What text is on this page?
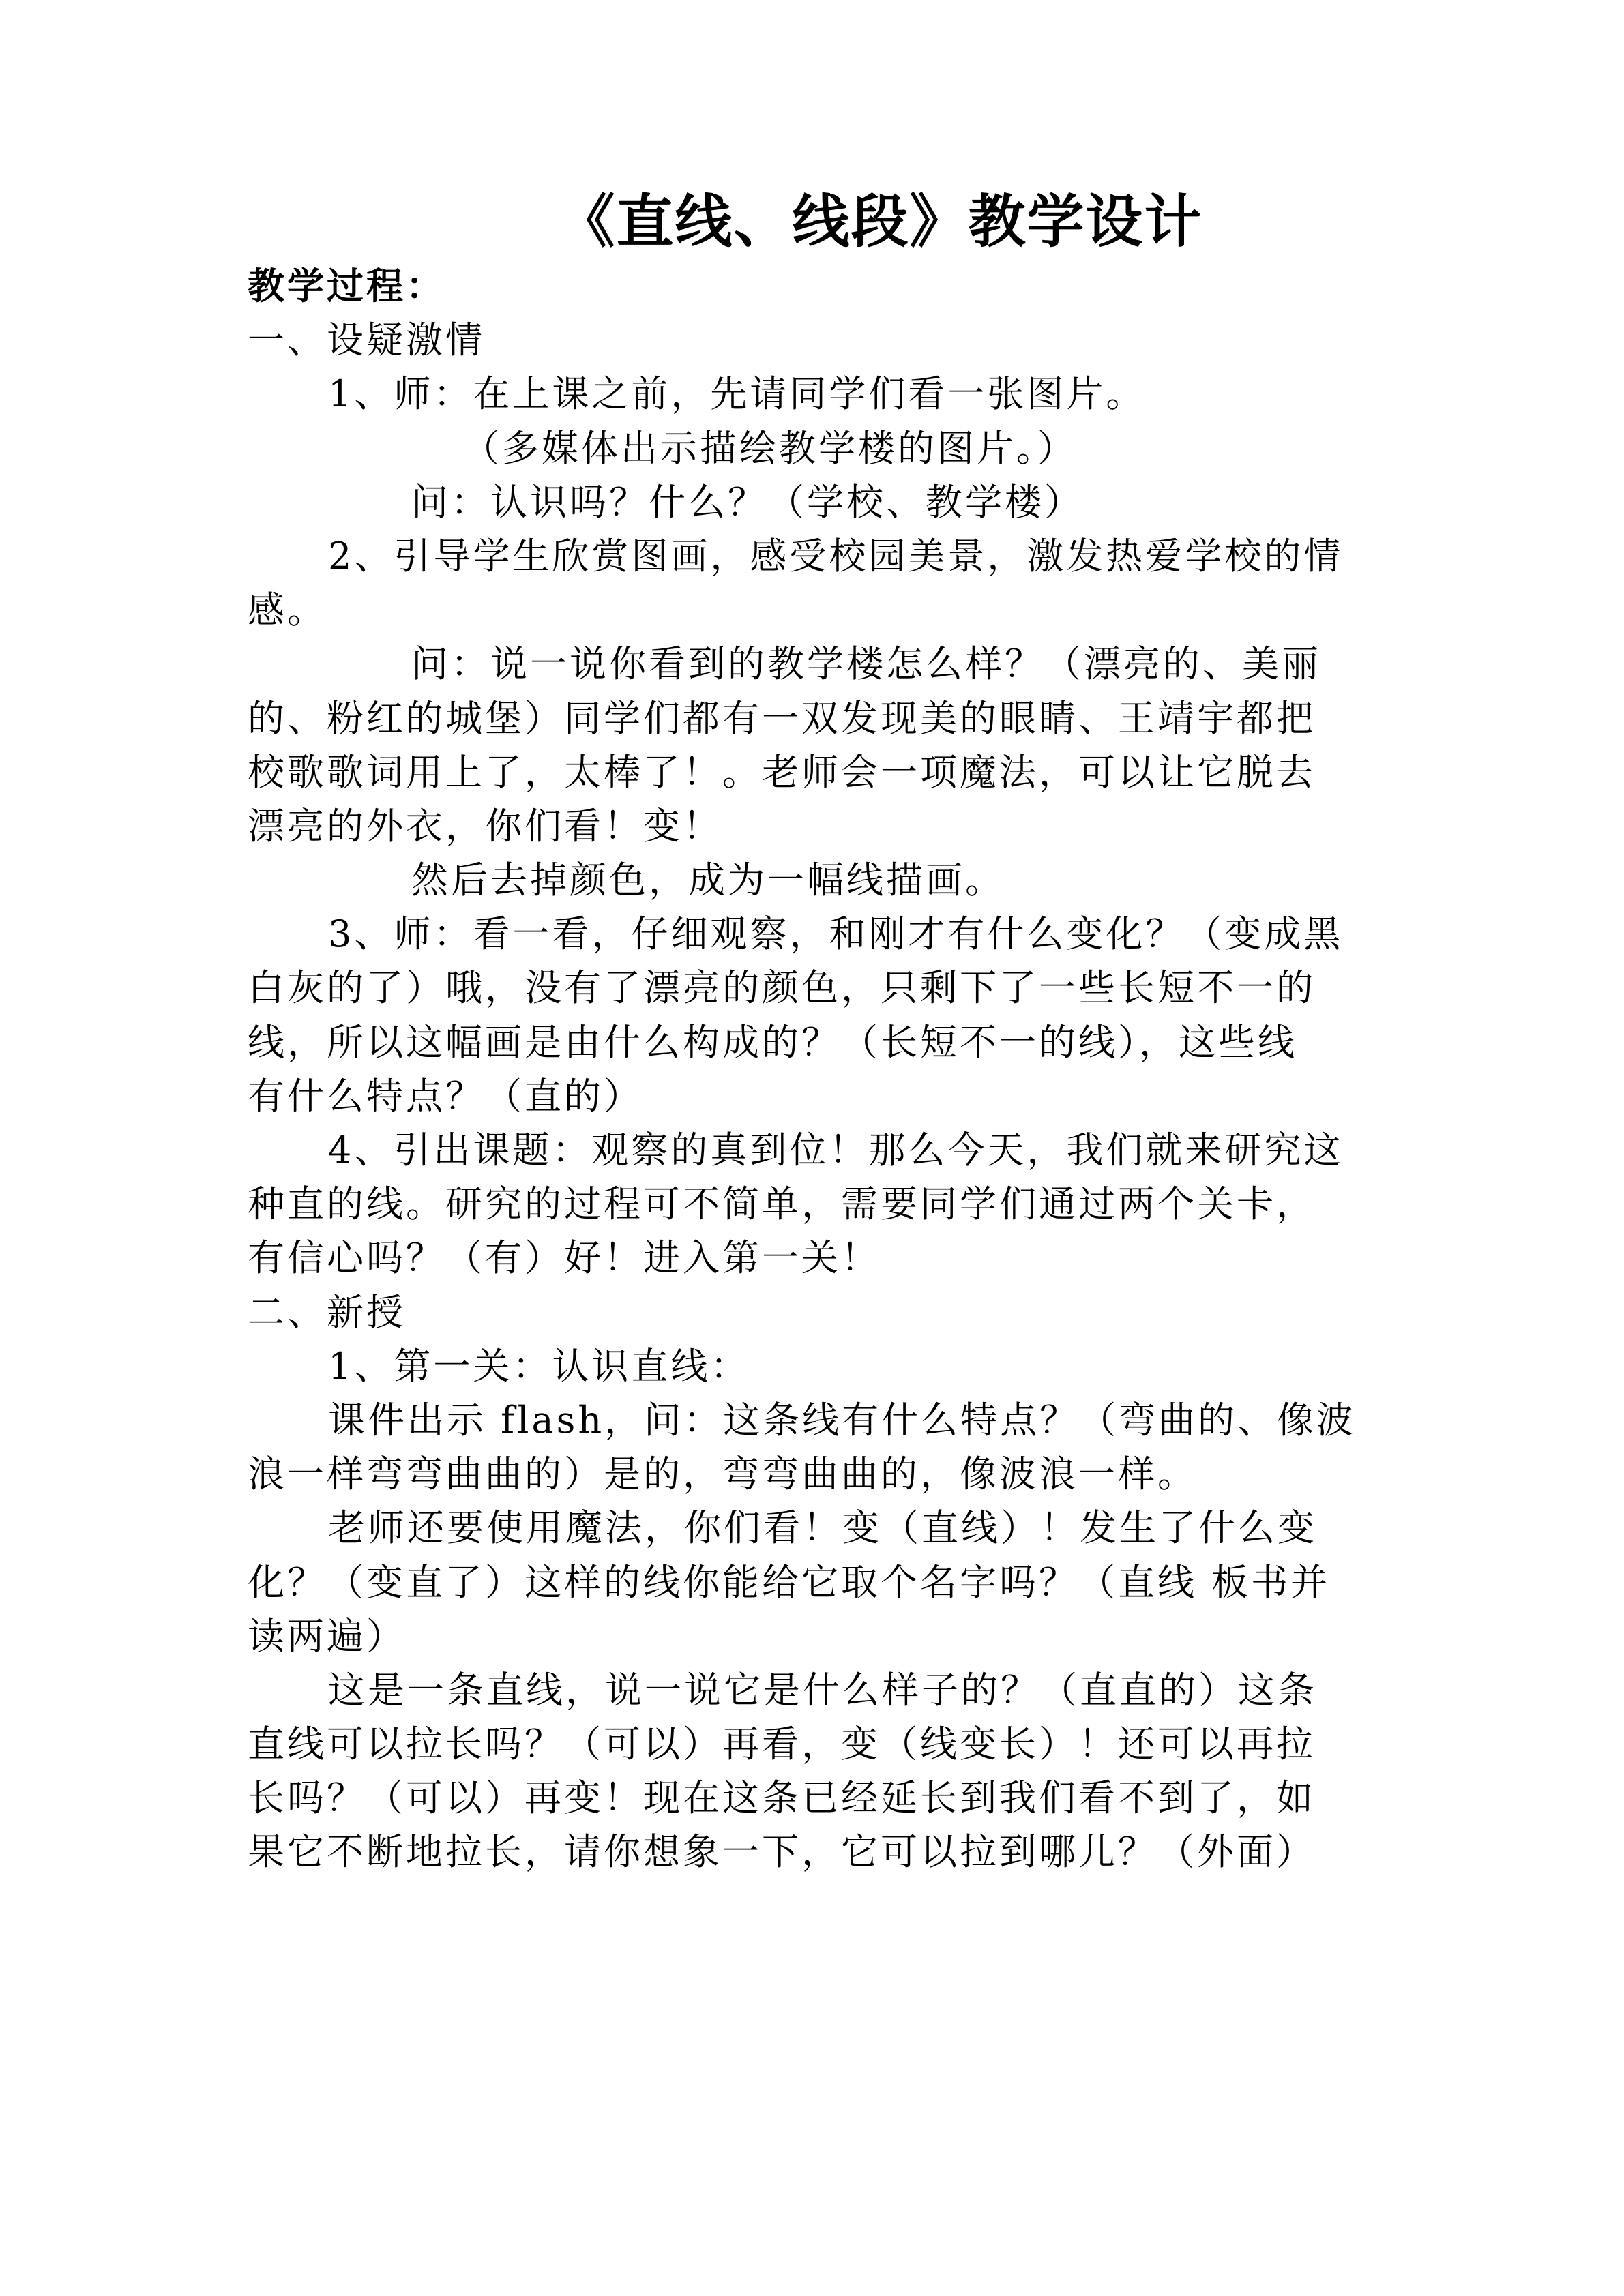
《直线、线段》教学设计
教学过程：
一、设疑激情
1、师：在上课之前，先请同学们看一张图片。
（多媒体出示描绘教学楼的图片。）
问：认识吗？什么？（学校、教学楼）
2、引导学生欣赏图画，感受校园美景，激发热爱学校的情
感。
问：说一说你看到的教学楼怎么样？（漂亮的、美丽
的、粉红的城堡）同学们都有一双发现美的眼睛、王靖宇都把
校歌歌词用上了，太棒了！。老师会一项魔法，可以让它脱去
漂亮的外衣，你们看！变！
然后去掉颜色，成为一幅线描画。
3、师：看一看，仔细观察，和刚才有什么变化？（变成黑
白灰的了）哦，没有了漂亮的颜色，只剩下了一些长短不一的
线，所以这幅画是由什么构成的？（长短不一的线），这些线
有什么特点？（直的）
4、引出课题：观察的真到位！那么今天，我们就来研究这
种直的线。研究的过程可不简单，需要同学们通过两个关卡，
有信心吗？（有）好！进入第一关！
二、新授
1、第一关：认识直线：
课件出示 flash，问：这条线有什么特点？（弯曲的、像波
浪一样弯弯曲曲的）是的，弯弯曲曲的，像波浪一样。
老师还要使用魔法，你们看！变（直线）！发生了什么变
化？（变直了）这样的线你能给它取个名字吗？（直线 板书并
读两遍）
这是一条直线，说一说它是什么样子的？（直直的）这条
直线可以拉长吗？（可以）再看，变（线变长）！还可以再拉
长吗？（可以）再变！现在这条已经延长到我们看不到了，如
果它不断地拉长，请你想象一下，它可以拉到哪儿？（外面）
